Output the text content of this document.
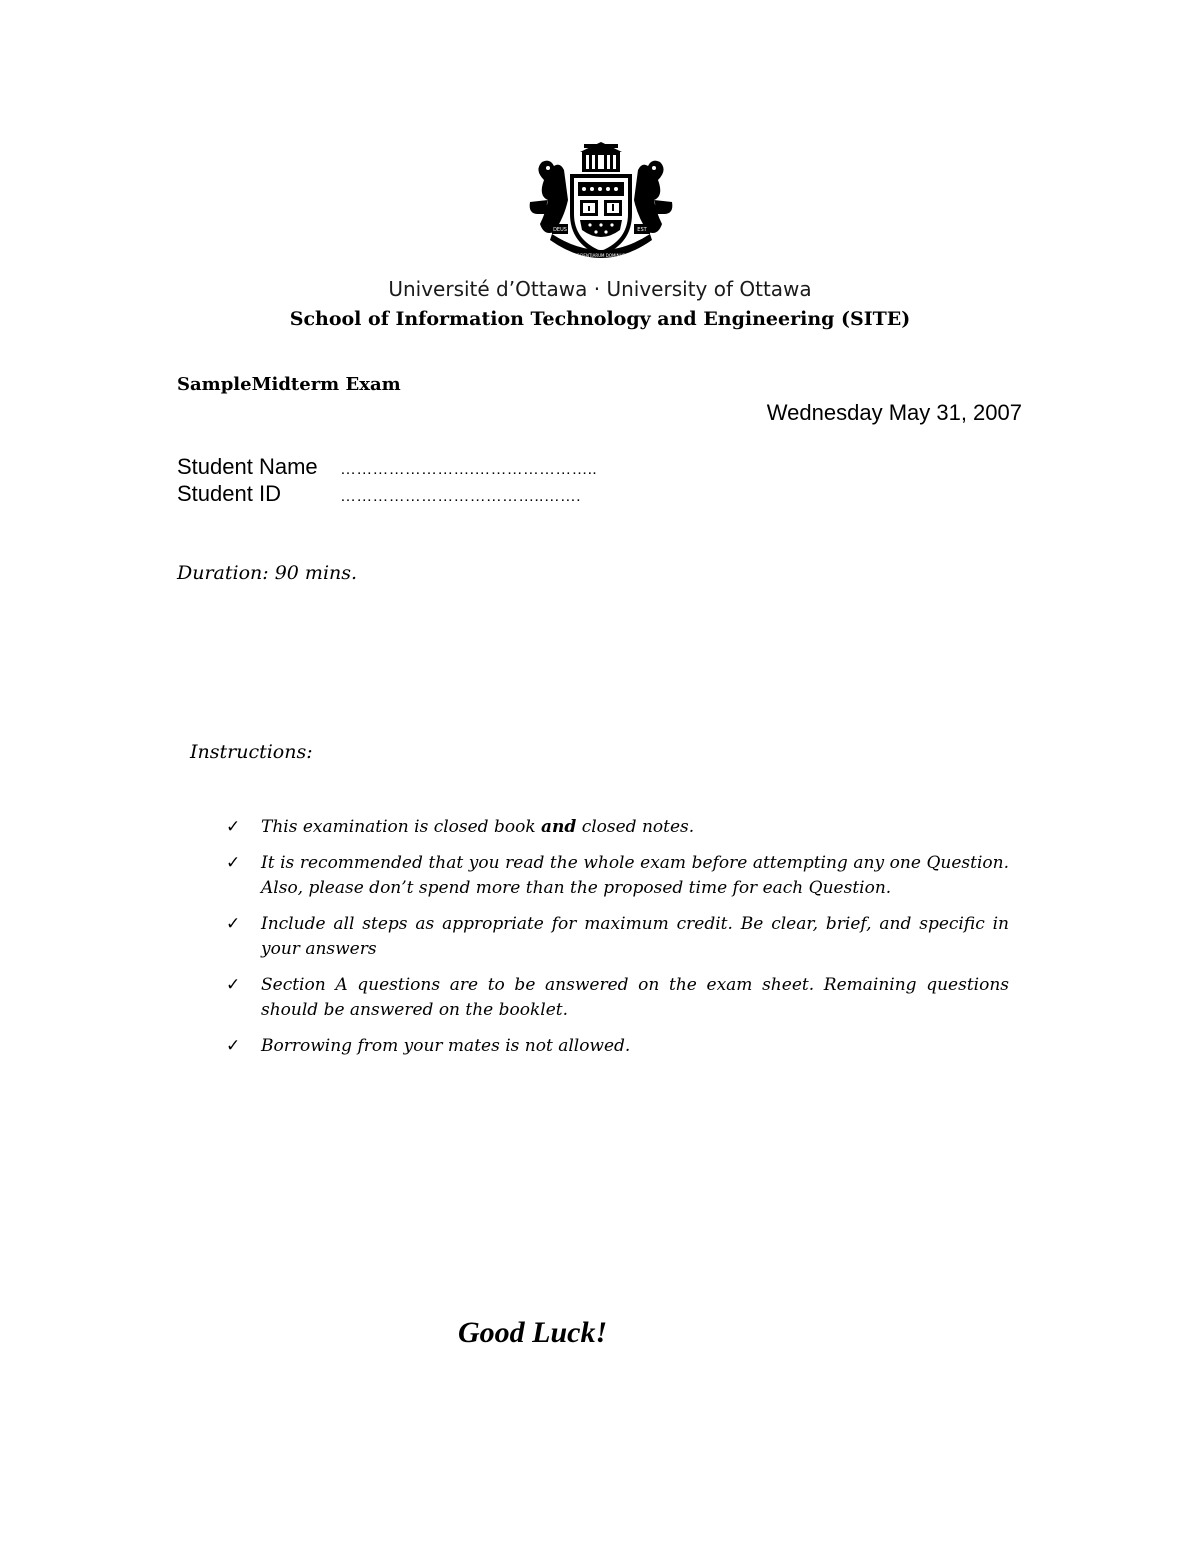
DEUS	EST
SCIENTIARUM DOMINUS
Université d’Ottawa · University of Ottawa
School of Information Technology and Engineering (SITE)
SampleMidterm Exam
Wednesday May 31, 2007
Student Name …………………….…………………..
Student ID	………………………………..…….
Duration: 90 mins.
Instructions:
✓ This examination is closed book and closed notes.
✓ It is recommended that you read the whole exam before attempting any one Question. Also, please don’t spend more than the proposed time for each Question.
✓ Include all steps as appropriate for maximum credit. Be clear, brief, and specific in your answers
✓ Section A questions are to be answered on the exam sheet. Remaining questions should be answered on the booklet.
✓ Borrowing from your mates is not allowed.
Good Luck!
